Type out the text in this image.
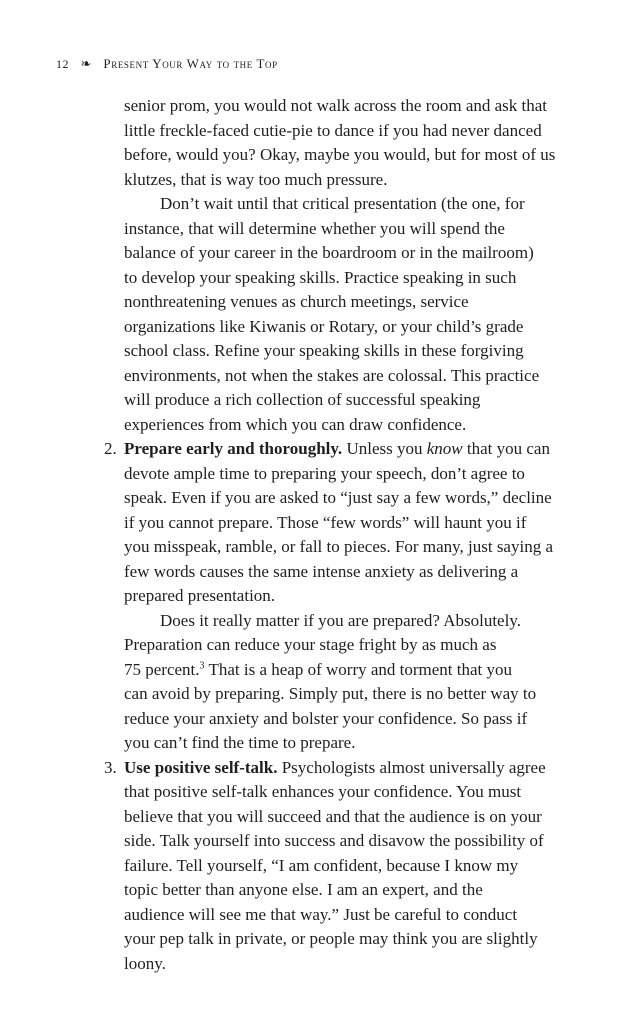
12 ❧ Present Your Way to the Top
senior prom, you would not walk across the room and ask that
little freckle-faced cutie-pie to dance if you had never danced
before, would you? Okay, maybe you would, but for most of us
klutzes, that is way too much pressure.
Don’t wait until that critical presentation (the one, for
instance, that will determine whether you will spend the
balance of your career in the boardroom or in the mailroom)
to develop your speaking skills. Practice speaking in such
nonthreatening venues as church meetings, service
organizations like Kiwanis or Rotary, or your child’s grade
school class. Refine your speaking skills in these forgiving
environments, not when the stakes are colossal. This practice
will produce a rich collection of successful speaking
experiences from which you can draw confidence.
2. Prepare early and thoroughly. Unless you know that you can
devote ample time to preparing your speech, don’t agree to
speak. Even if you are asked to “just say a few words,” decline
if you cannot prepare. Those “few words” will haunt you if
you misspeak, ramble, or fall to pieces. For many, just saying a
few words causes the same intense anxiety as delivering a
prepared presentation.
Does it really matter if you are prepared? Absolutely.
Preparation can reduce your stage fright by as much as
75 percent.$^3$ That is a heap of worry and torment that you
can avoid by preparing. Simply put, there is no better way to
reduce your anxiety and bolster your confidence. So pass if
you can’t find the time to prepare.
3. Use positive self-talk. Psychologists almost universally agree
that positive self-talk enhances your confidence. You must
believe that you will succeed and that the audience is on your
side. Talk yourself into success and disavow the possibility of
failure. Tell yourself, “I am confident, because I know my
topic better than anyone else. I am an expert, and the
audience will see me that way.” Just be careful to conduct
your pep talk in private, or people may think you are slightly
loony.
